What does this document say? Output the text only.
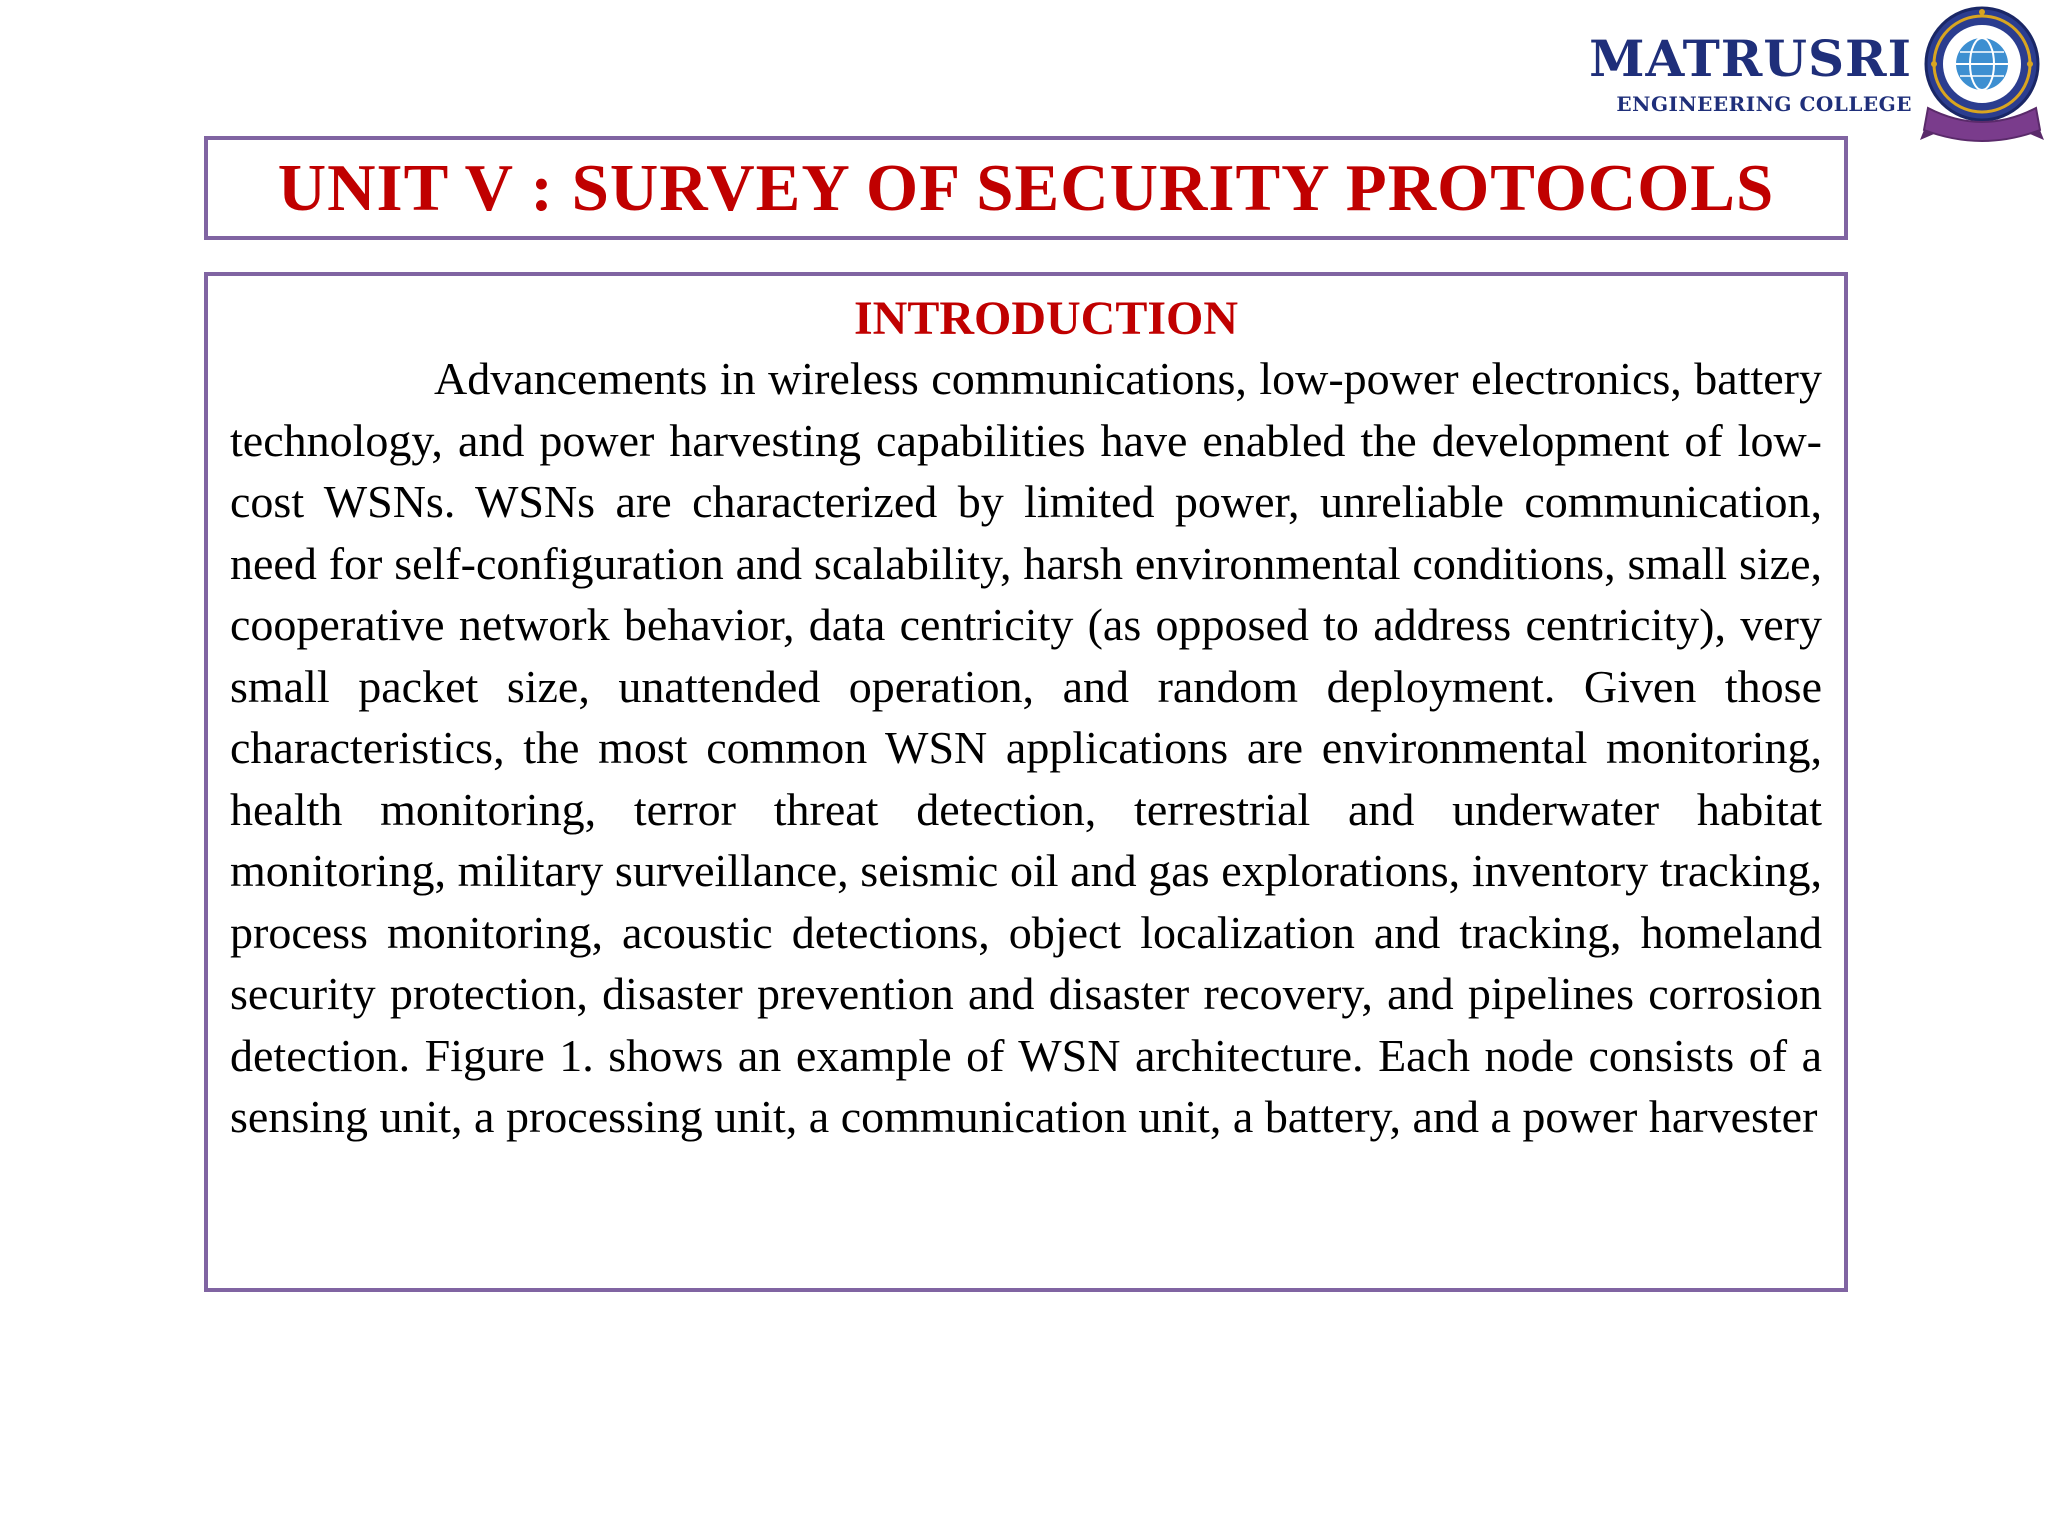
MATRUSRI
ENGINEERING COLLEGE
UNIT V : SURVEY OF SECURITY PROTOCOLS
INTRODUCTION

Advancements in wireless communications, low-power electronics, battery technology, and power harvesting capabilities have enabled the development of low-cost WSNs. WSNs are characterized by limited power, unreliable communication, need for self-configuration and scalability, harsh environmental conditions, small size, cooperative network behavior, data centricity (as opposed to address centricity), very small packet size, unattended operation, and random deployment. Given those characteristics, the most common WSN applications are environmental monitoring, health monitoring, terror threat detection, terrestrial and underwater habitat monitoring, military surveillance, seismic oil and gas explorations, inventory tracking, process monitoring, acoustic detections, object localization and tracking, homeland security protection, disaster prevention and disaster recovery, and pipelines corrosion detection. Figure 1. shows an example of WSN architecture. Each node consists of a sensing unit, a processing unit, a communication unit, a battery, and a power harvester
